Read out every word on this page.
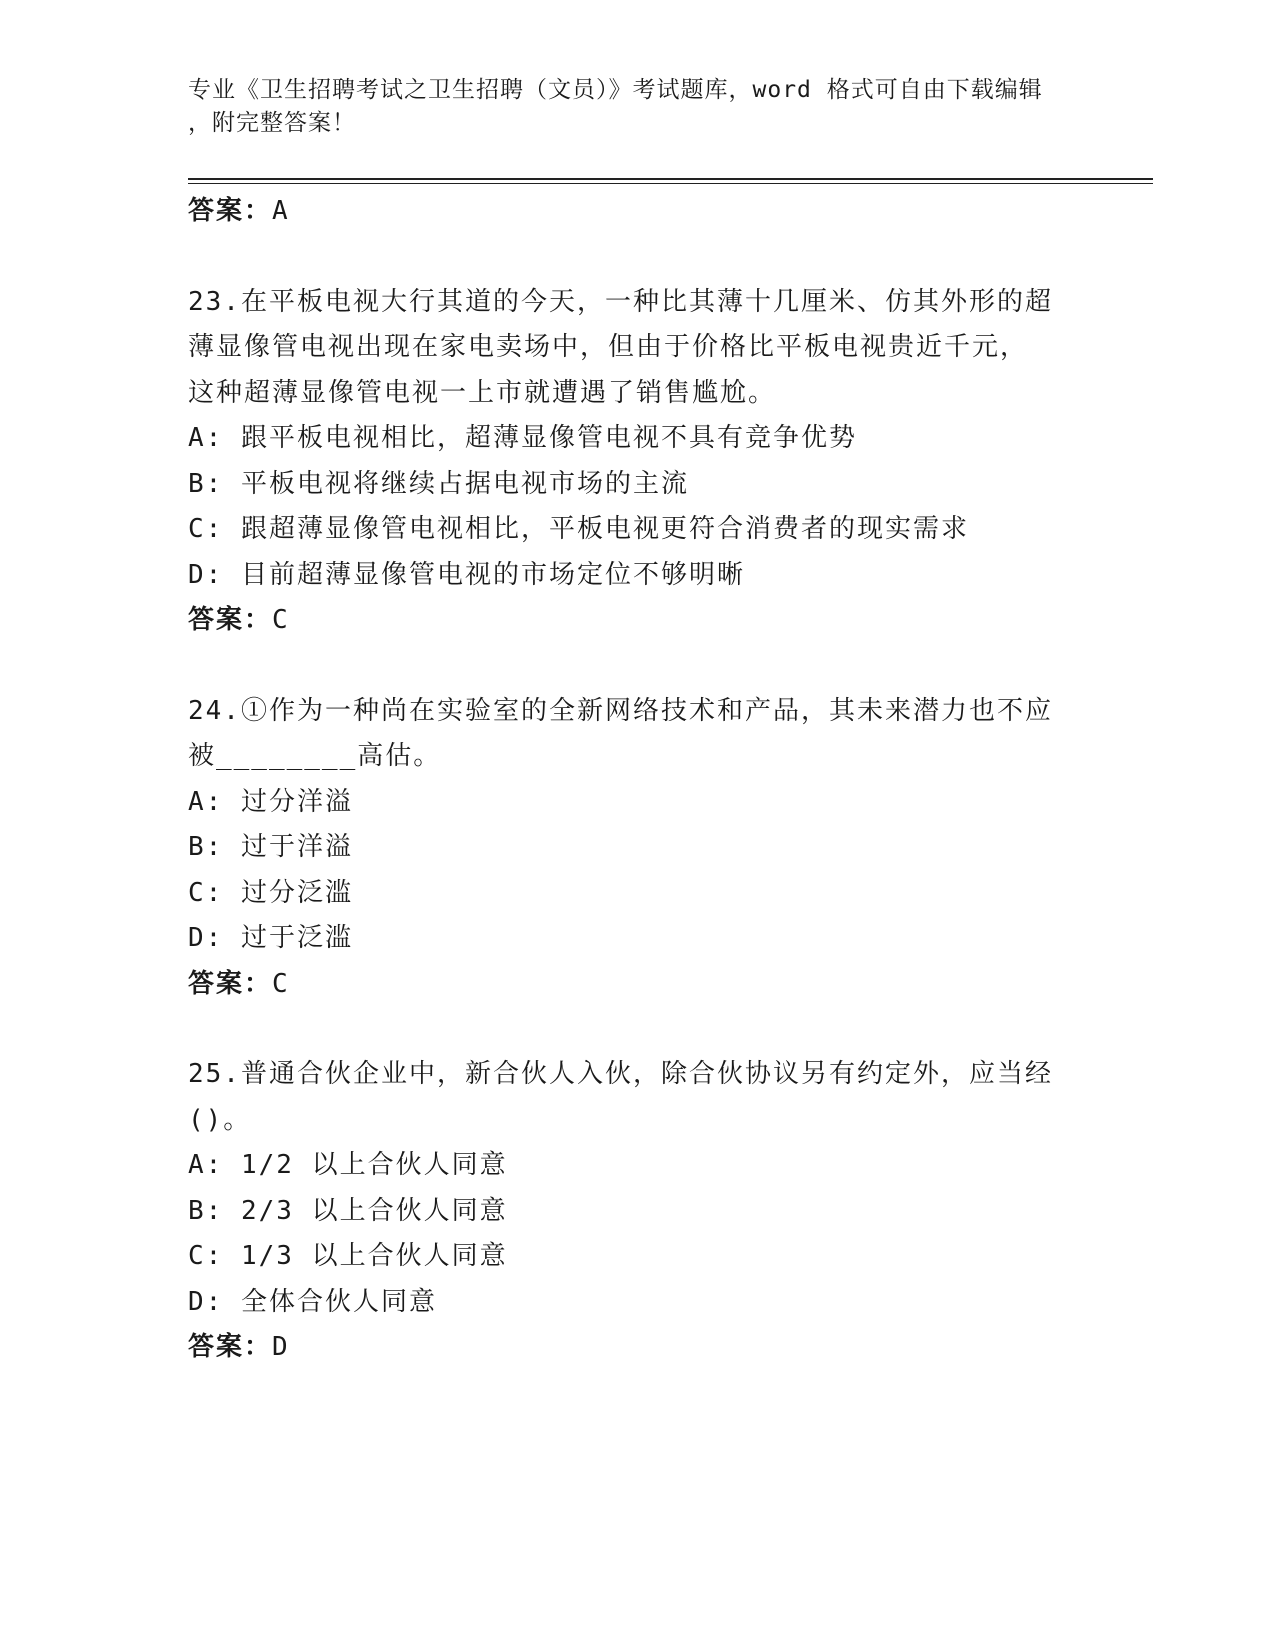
专业《卫生招聘考试之卫生招聘（文员）》考试题库，word 格式可自由下载编辑
，附完整答案！
答案：A
23.在平板电视大行其道的今天，一种比其薄十几厘米、仿其外形的超
薄显像管电视出现在家电卖场中，但由于价格比平板电视贵近千元，
这种超薄显像管电视一上市就遭遇了销售尴尬。
A: 跟平板电视相比，超薄显像管电视不具有竞争优势
B: 平板电视将继续占据电视市场的主流
C: 跟超薄显像管电视相比，平板电视更符合消费者的现实需求
D: 目前超薄显像管电视的市场定位不够明晰
答案：C
24.①作为一种尚在实验室的全新网络技术和产品，其未来潜力也不应
被________高估。
A: 过分洋溢
B: 过于洋溢
C: 过分泛滥
D: 过于泛滥
答案：C
25.普通合伙企业中，新合伙人入伙，除合伙协议另有约定外，应当经
()。
A: 1/2 以上合伙人同意
B: 2/3 以上合伙人同意
C: 1/3 以上合伙人同意
D: 全体合伙人同意
答案：D
